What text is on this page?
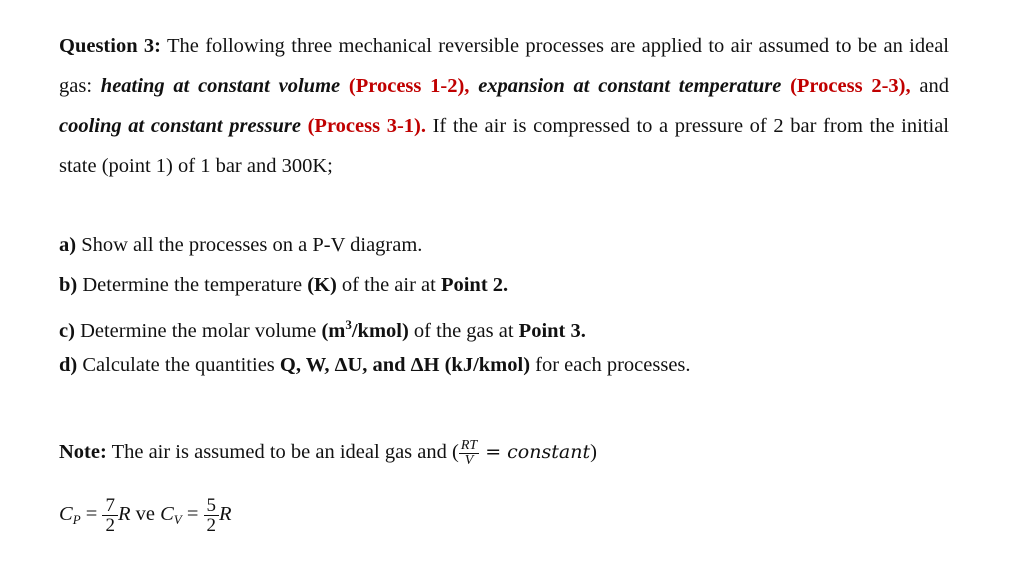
Question 3: The following three mechanical reversible processes are applied to air assumed to be an ideal gas: heating at constant volume (Process 1-2), expansion at constant temperature (Process 2-3), and cooling at constant pressure (Process 3-1). If the air is compressed to a pressure of 2 bar from the initial state (point 1) of 1 bar and 300K;
a) Show all the processes on a P-V diagram.
b) Determine the temperature (K) of the air at Point 2.
c) Determine the molar volume $(m^3/kmol)$ of the gas at Point 3.
d) Calculate the quantities Q, W, ΔU, and ΔH (kJ/kmol) for each processes.
Note: The air is assumed to be an ideal gas and ( $\frac{RT}{V}$ = constant)
$C_P = \frac{7}{2}$ R ve $C_V = \frac{5}{2}$ R
